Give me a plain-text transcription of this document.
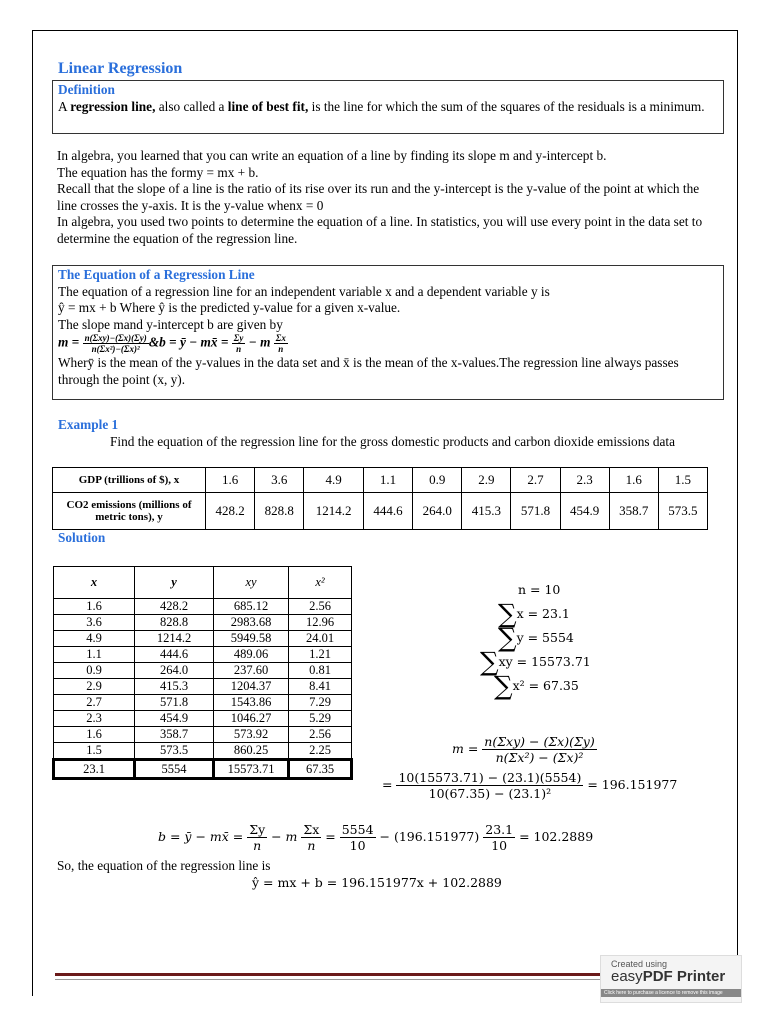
Linear Regression
Definition
A regression line, also called a line of best fit, is the line for which the sum of the squares of the residuals is a minimum.
In algebra, you learned that you can write an equation of a line by finding its slope m and y-intercept b.
The equation has the formy = mx + b.
Recall that the slope of a line is the ratio of its rise over its run and the y-intercept is the y-value of the point at which the line crosses the y-axis. It is the y-value whenx = 0
In algebra, you used two points to determine the equation of a line. In statistics, you will use every point in the data set to determine the equation of the regression line.
The Equation of a Regression Line
The equation of a regression line for an independent variable x and a dependent variable y is
ŷ = mx + b Where ŷ is the predicted y-value for a given x-value.
The slope mand y-intercept b are given by
$m = \frac{\text{n(Σxy)−(Σx)(Σy)}}{\text{n(Σx²)−(Σx)²}}$ &b = ȳ − mx̄ = $\frac{\Sigma y}{n} - m \frac{\Sigma x}{n}$
Wherȳ is the mean of the y-values in the data set and x̄ is the mean of the x-values.The regression line always passes through the point (x, y).
Example 1
Find the equation of the regression line for the gross domestic products and carbon dioxide emissions data
GDP (trillions of $), x	1.6	3.6	4.9	1.1	0.9	2.9	2.7	2.3	1.6	1.5
CO2 emissions (millions of metric tons), y	428.2	828.8	1214.2	444.6	264.0	415.3	571.8	454.9	358.7	573.5
Solution
x	y	xy	x²
1.6	428.2	685.12	2.56
3.6	828.8	2983.68	12.96
4.9	1214.2	5949.58	24.01
1.1	444.6	489.06	1.21
0.9	264.0	237.60	0.81
2.9	415.3	1204.37	8.41
2.7	571.8	1543.86	7.29
2.3	454.9	1046.27	5.29
1.6	358.7	573.92	2.56
1.5	573.5	860.25	2.25
23.1	5554	15573.71	67.35
n = 10
∑x = 23.1
∑y = 5554
∑xy = 15573.71
∑x² = 67.35
$m = \frac{\text{n(Σxy) − (Σx)(Σy)}}{\text{n(Σx²) − (Σx)²}}$
= $\frac{10(15573.71) - (23.1)(5554)}{\text{10(67.35) − (23.1)²}} = 196.151977$
b = ȳ − mx̄ = $\frac{\Sigma y}{n} - m \frac{\Sigma x}{n} = \frac{5554}{10} - (196.151977) \frac{23.1}{10} = 102.2889$
So, the equation of the regression line is
ŷ = mx + b = 196.151977x + 102.2889
Created using
easyPDF Printer
Click here to purchase a licence to remove this image
